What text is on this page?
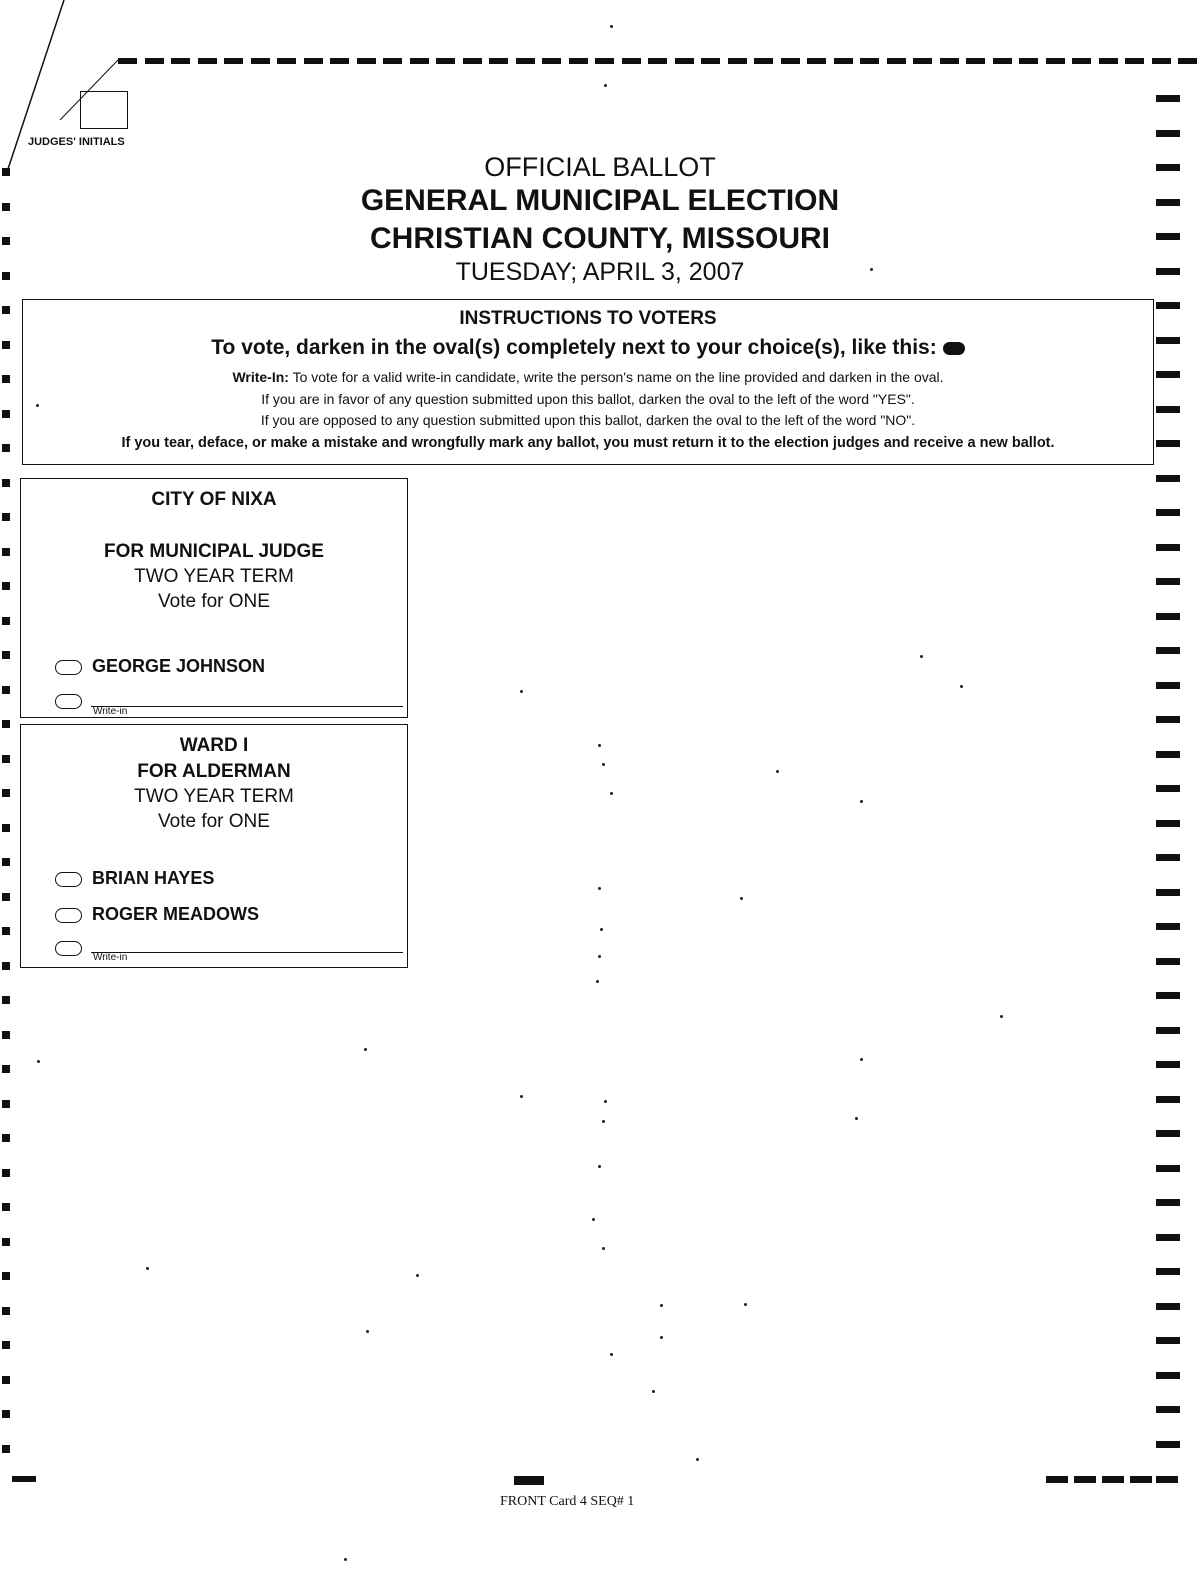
JUDGES' INITIALS
OFFICIAL BALLOT
GENERAL MUNICIPAL ELECTION
CHRISTIAN COUNTY, MISSOURI
TUESDAY; APRIL 3, 2007
INSTRUCTIONS TO VOTERS
To vote, darken in the oval(s) completely next to your choice(s), like this:
Write-In: To vote for a valid write-in candidate, write the person's name on the line provided and darken in the oval.
If you are in favor of any question submitted upon this ballot, darken the oval to the left of the word "YES".
If you are opposed to any question submitted upon this ballot, darken the oval to the left of the word "NO".
If you tear, deface, or make a mistake and wrongfully mark any ballot, you must return it to the election judges and receive a new ballot.
CITY OF NIXA
FOR MUNICIPAL JUDGE
TWO YEAR TERM
Vote for ONE
GEORGE JOHNSON
Write-in
WARD I
FOR ALDERMAN
TWO YEAR TERM
Vote for ONE
BRIAN HAYES
ROGER MEADOWS
Write-in
FRONT Card 4 SEQ# 1
